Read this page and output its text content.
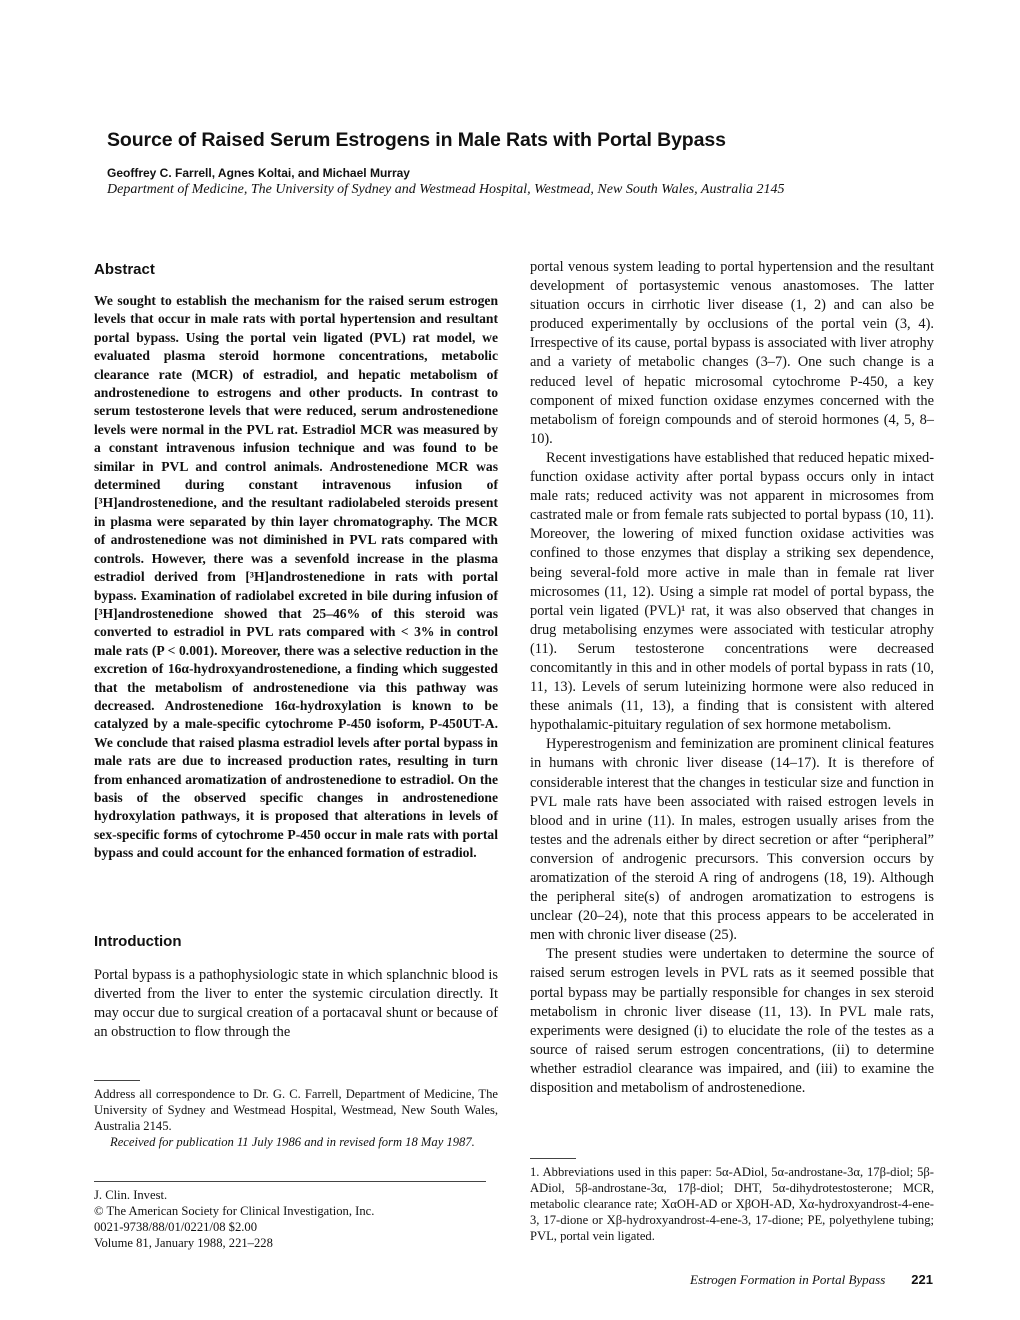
Source of Raised Serum Estrogens in Male Rats with Portal Bypass
Geoffrey C. Farrell, Agnes Koltai, and Michael Murray
Department of Medicine, The University of Sydney and Westmead Hospital, Westmead, New South Wales, Australia 2145
Abstract
We sought to establish the mechanism for the raised serum estrogen levels that occur in male rats with portal hypertension and resultant portal bypass. Using the portal vein ligated (PVL) rat model, we evaluated plasma steroid hormone concentrations, metabolic clearance rate (MCR) of estradiol, and hepatic metabolism of androstenedione to estrogens and other products. In contrast to serum testosterone levels that were reduced, serum androstenedione levels were normal in the PVL rat. Estradiol MCR was measured by a constant intravenous infusion technique and was found to be similar in PVL and control animals. Androstenedione MCR was determined during constant intravenous infusion of [³H]androstenedione, and the resultant radiolabeled steroids present in plasma were separated by thin layer chromatography. The MCR of androstenedione was not diminished in PVL rats compared with controls. However, there was a sevenfold increase in the plasma estradiol derived from [³H]androstenedione in rats with portal bypass. Examination of radiolabel excreted in bile during infusion of [³H]androstenedione showed that 25–46% of this steroid was converted to estradiol in PVL rats compared with < 3% in control male rats (P < 0.001). Moreover, there was a selective reduction in the excretion of 16α-hydroxyandrostenedione, a finding which suggested that the metabolism of androstenedione via this pathway was decreased. Androstenedione 16α-hydroxylation is known to be catalyzed by a male-specific cytochrome P-450 isoform, P-450UT-A. We conclude that raised plasma estradiol levels after portal bypass in male rats are due to increased production rates, resulting in turn from enhanced aromatization of androstenedione to estradiol. On the basis of the observed specific changes in androstenedione hydroxylation pathways, it is proposed that alterations in levels of sex-specific forms of cytochrome P-450 occur in male rats with portal bypass and could account for the enhanced formation of estradiol.
Introduction

Portal bypass is a pathophysiologic state in which splanchnic blood is diverted from the liver to enter the systemic circulation directly. It may occur due to surgical creation of a portacaval shunt or because of an obstruction to flow through the

portal venous system leading to portal hypertension and the resultant development of portasystemic venous anastomoses. The latter situation occurs in cirrhotic liver disease (1, 2) and can also be produced experimentally by occlusions of the portal vein (3, 4). Irrespective of its cause, portal bypass is associated with liver atrophy and a variety of metabolic changes (3–7). One such change is a reduced level of hepatic microsomal cytochrome P-450, a key component of mixed function oxidase enzymes concerned with the metabolism of foreign compounds and of steroid hormones (4, 5, 8–10).

Recent investigations have established that reduced hepatic mixed-function oxidase activity after portal bypass occurs only in intact male rats; reduced activity was not apparent in microsomes from castrated male or from female rats subjected to portal bypass (10, 11). Moreover, the lowering of mixed function oxidase activities was confined to those enzymes that display a striking sex dependence, being several-fold more active in male than in female rat liver microsomes (11, 12). Using a simple rat model of portal bypass, the portal vein ligated (PVL)¹ rat, it was also observed that changes in drug metabolising enzymes were associated with testicular atrophy (11). Serum testosterone concentrations were decreased concomitantly in this and in other models of portal bypass in rats (10, 11, 13). Levels of serum luteinizing hormone were also reduced in these animals (11, 13), a finding that is consistent with altered hypothalamic-pituitary regulation of sex hormone metabolism.

Hyperestrogenism and feminization are prominent clinical features in humans with chronic liver disease (14–17). It is therefore of considerable interest that the changes in testicular size and function in PVL male rats have been associated with raised estrogen levels in blood and in urine (11). In males, estrogen usually arises from the testes and the adrenals either by direct secretion or after “peripheral” conversion of androgenic precursors. This conversion occurs by aromatization of the steroid A ring of androgens (18, 19). Although the peripheral site(s) of androgen aromatization to estrogens is unclear (20–24), note that this process appears to be accelerated in men with chronic liver disease (25).

The present studies were undertaken to determine the source of raised serum estrogen levels in PVL rats as it seemed possible that portal bypass may be partially responsible for changes in sex steroid metabolism in chronic liver disease (11, 13). In PVL male rats, experiments were designed (i) to elucidate the role of the testes as a source of raised serum estrogen concentrations, (ii) to determine whether estradiol clearance was impaired, and (iii) to examine the disposition and metabolism of androstenedione.

Address all correspondence to Dr. G. C. Farrell, Department of Medicine, The University of Sydney and Westmead Hospital, Westmead, New South Wales, Australia 2145.

Received for publication 11 July 1986 and in revised form 18 May 1987.

J. Clin. Invest.
© The American Society for Clinical Investigation, Inc.
0021-9738/88/01/0221/08 $2.00
Volume 81, January 1988, 221–228

1. Abbreviations used in this paper: 5α-ADiol, 5α-androstane-3α, 17β-diol; 5β-ADiol, 5β-androstane-3α, 17β-diol; DHT, 5α-dihydrotestosterone; MCR, metabolic clearance rate; XαOH-AD or XβOH-AD, Xα-hydroxyandrost-4-ene-3, 17-dione or Xβ-hydroxyandrost-4-ene-3, 17-dione; PE, polyethylene tubing; PVL, portal vein ligated.

Estrogen Formation in Portal Bypass 221
